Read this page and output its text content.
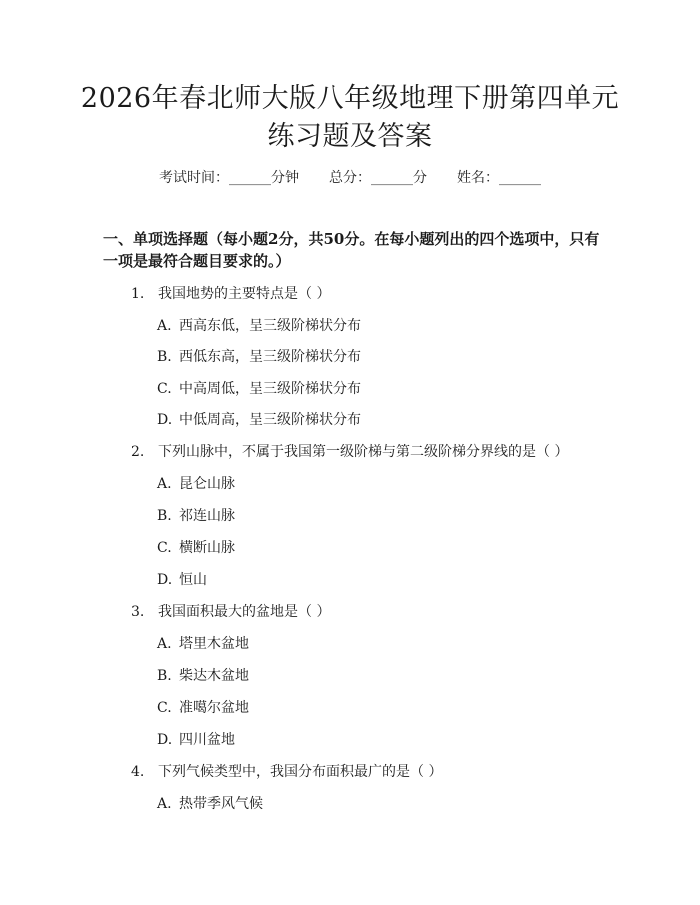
2026年春北师大版八年级地理下册第四单元
练习题及答案
考试时间：______分钟 总分：______分 姓名：______
一、单项选择题（每小题2分，共50分。在每小题列出的四个选项中，只有一项是最符合题目要求的。）
1. 我国地势的主要特点是（ ）
A. 西高东低，呈三级阶梯状分布
B. 西低东高，呈三级阶梯状分布
C. 中高周低，呈三级阶梯状分布
D. 中低周高，呈三级阶梯状分布
2. 下列山脉中，不属于我国第一级阶梯与第二级阶梯分界线的是（ ）
A. 昆仑山脉
B. 祁连山脉
C. 横断山脉
D. 恒山
3. 我国面积最大的盆地是（ ）
A. 塔里木盆地
B. 柴达木盆地
C. 准噶尔盆地
D. 四川盆地
4. 下列气候类型中，我国分布面积最广的是（ ）
A. 热带季风气候
